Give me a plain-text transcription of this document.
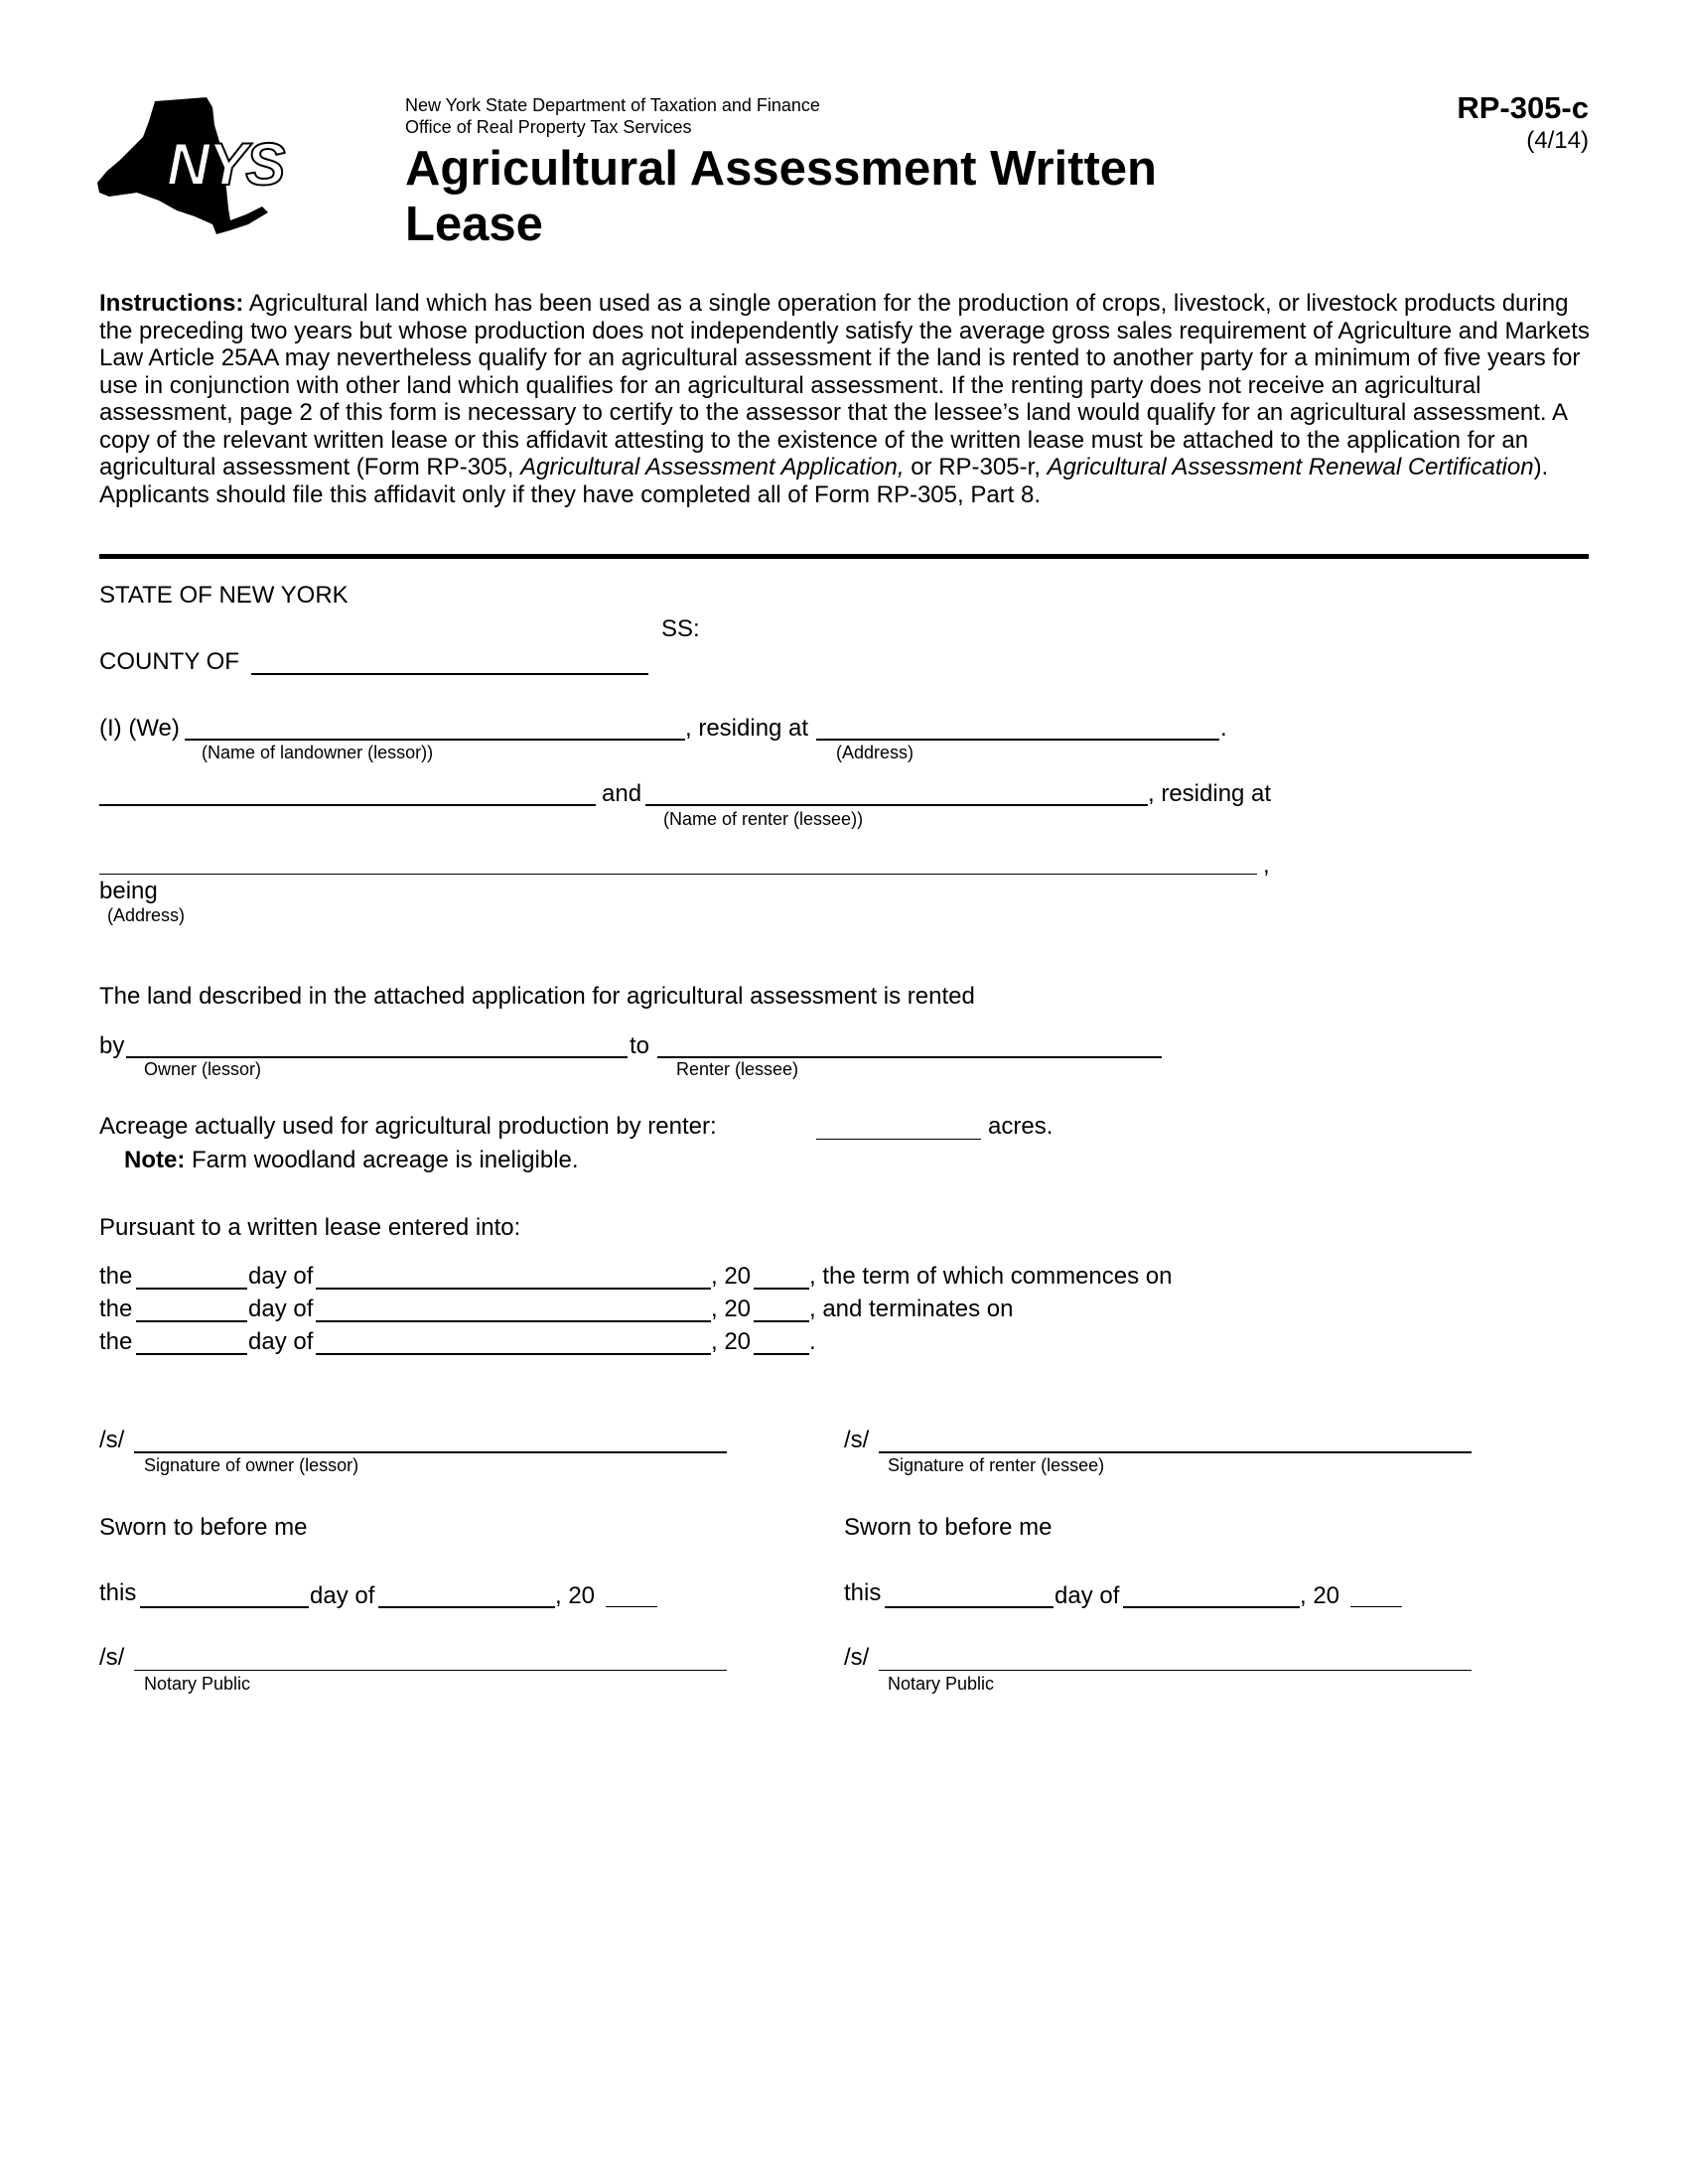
NYS
New York State Department of Taxation and Finance
Office of Real Property Tax Services
Agricultural Assessment Written
Lease
RP-305-c
(4/14)

Instructions: Agricultural land which has been used as a single operation for the production of crops, livestock, or livestock products during the preceding two years but whose production does not independently satisfy the average gross sales requirement of Agriculture and Markets Law Article 25AA may nevertheless qualify for an agricultural assessment if the land is rented to another party for a minimum of five years for use in conjunction with other land which qualifies for an agricultural assessment. If the renting party does not receive an agricultural assessment, page 2 of this form is necessary to certify to the assessor that the lessee’s land would qualify for an agricultural assessment. A copy of the relevant written lease or this affidavit attesting to the existence of the written lease must be attached to the application for an agricultural assessment (Form RP-305, Agricultural Assessment Application, or RP-305-r, Agricultural Assessment Renewal Certification). Applicants should file this affidavit only if they have completed all of Form RP-305, Part 8.

STATE OF NEW YORK
SS:
COUNTY OF
(I) (We)	, residing at	.
(Name of landowner (lessor))	(Address)
and	, residing at
(Name of renter (lessee))
,
being
(Address)
The land described in the attached application for agricultural assessment is rented
by	to
Owner (lessor)	Renter (lessee)
Acreage actually used for agricultural production by renter:	acres.
Note: Farm woodland acreage is ineligible.
Pursuant to a written lease entered into:
the	day of	, 20 , the term of which commences on
the	day of	, 20 , and terminates on
the	day of	, 20 .
/s/
Signature of owner (lessor)
Sworn to before me
this	day of	, 20
/s/
Notary Public
/s/
Signature of renter (lessee)
Sworn to before me
this	day of	, 20
/s/
Notary Public
